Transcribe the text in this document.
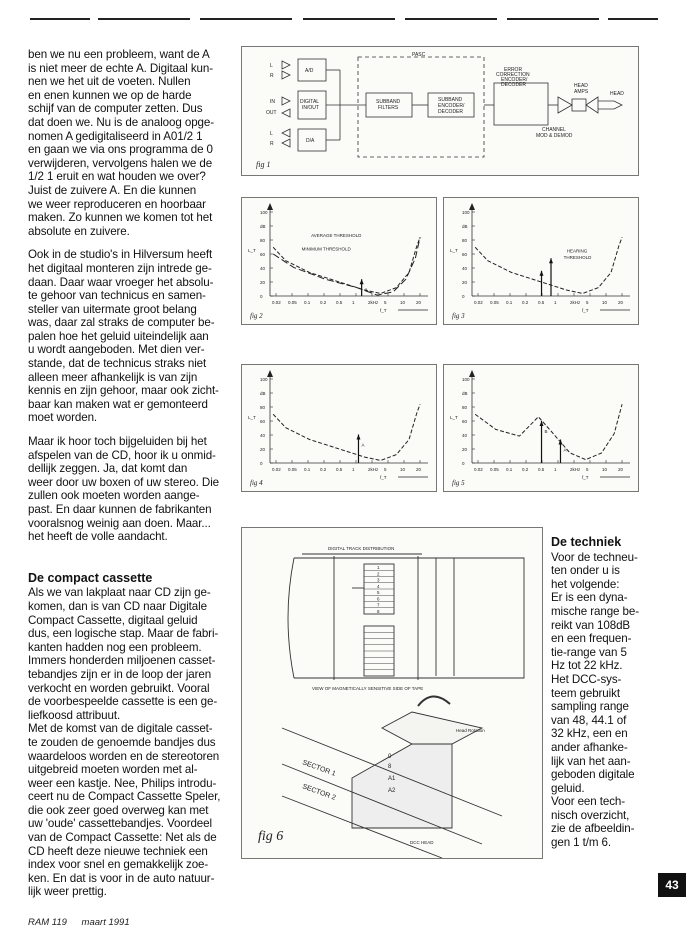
ben we nu een probleem, want de A
is niet meer de echte A. Digitaal kun-
nen we het uit de voeten. Nullen
en enen kunnen we op de harde
schijf van de computer zetten. Dus
dat doen we. Nu is de analoog opge-
nomen A gedigitaliseerd in A01/2 1
en gaan we via ons programma de 0
verwijderen, vervolgens halen we de
1/2 1 eruit en wat houden we over?
Juist de zuivere A. En die kunnen
we weer reproduceren en hoorbaar
maken. Zo kunnen we komen tot het
absolute en zuivere.

Ook in de studio's in Hilversum heeft
het digitaal monteren zijn intrede ge-
daan. Daar waar vroeger het absolu-
te gehoor van technicus en samen-
steller van uitermate groot belang
was, daar zal straks de computer be-
palen hoe het geluid uiteindelijk aan
u wordt aangeboden. Met dien ver-
stande, dat de technicus straks niet
alleen meer afhankelijk is van zijn
kennis en zijn gehoor, maar ook zicht-
baar kan maken wat er gemonteerd
moet worden.

Maar ik hoor toch bijgeluiden bij het
afspelen van de CD, hoor ik u onmid-
dellijk zeggen. Ja, dat komt dan
weer door uw boxen of uw stereo. Die
zullen ook moeten worden aange-
past. En daar kunnen de fabrikanten
vooralsnog weinig aan doen. Maar...
het heeft de volle aandacht.

De compact cassette

Als we van lakplaat naar CD zijn ge-
komen, dan is van CD naar Digitale
Compact Cassette, digitaal geluid
dus, een logische stap. Maar de fabri-
kanten hadden nog een probleem.
Immers honderden miljoenen casset-
tebandjes zijn er in de loop der jaren
verkocht en worden gebruikt. Vooral
de voorbespeelde cassette is een ge-
liefkoosd attribuut.

Met de komst van de digitale casset-
te zouden de genoemde bandjes dus
waardeloos worden en de stereotoren
uitgebreid moeten worden met al-
weer een kastje. Nee, Philips introdu-
ceert nu de Compact Cassette Speler,
die ook zeer goed overweg kan met
uw 'oude' cassettebandjes. Voordeel
van de Compact Cassette: Net als de
CD heeft deze nieuwe techniek een
index voor snel en gemakkelijk zoe-
ken. En dat is voor in de auto natuur-
lijk weer prettig.

L
R
IN
OUT
L
R
PASC
A/D
DIGITAL
IN/OUT
D/A
SUBBAND
FILTERS
SUBBAND
ENCODER/
DECODER
ERROR
CORRECTION
ENCODER/
DECODER	HEAD
AMPS	HEAD
CHANNEL
MOD & DEMOD
fig 1
100
dB
80
60
40
20
0
0.02 0.05 0.1 0.2 0.5 1	2kHz 5	10 20
L_T
f_T
A
AVERAGE THRESHOLD
MINIMUM THRESHOLD
fig 2
100
dB
80
60
40
20
0
0.02 0.05 0.1 0.2 0.5 1	2kHz 5	10 20
L_T
f_T
HEARING
THRESHOLD
fig 3
100
dB
80
60
40
20
0
0.02 0.05 0.1 0.2 0.5 1	2kHz 5	10 20
L_T
f_T
A
fig 4
100
dB
80
60
40
20
0
0.02 0.05 0.1 0.2 0.5 1	2kHz 5	10 20
L_T
f_T
B
A
fig 5
DIGITAL TRACK DISTRIBUTION
1
2
3
4
5
6
7
8
VIEW OF MAGNETICALLY SENSITIVE SIDE OF TAPE
Head Rotation
SECTOR 1
SECTOR 2
0
8
A1
A2
DCC HEAD
fig 6
De techniek

Voor de techneu-
ten onder u is
het volgende:
Er is een dyna-
mische range be-
reikt van 108dB
en een frequen-
tie-range van 5
Hz tot 22 kHz.
Het DCC-sys-
teem gebruikt
sampling range
van 48, 44.1 of
32 kHz, een en
ander afhanke-
lijk van het aan-
geboden digitale
geluid.
Voor een tech-
nisch overzicht,
zie de afbeeldin-
gen 1 t/m 6.

43
RAM 119 maart 1991
